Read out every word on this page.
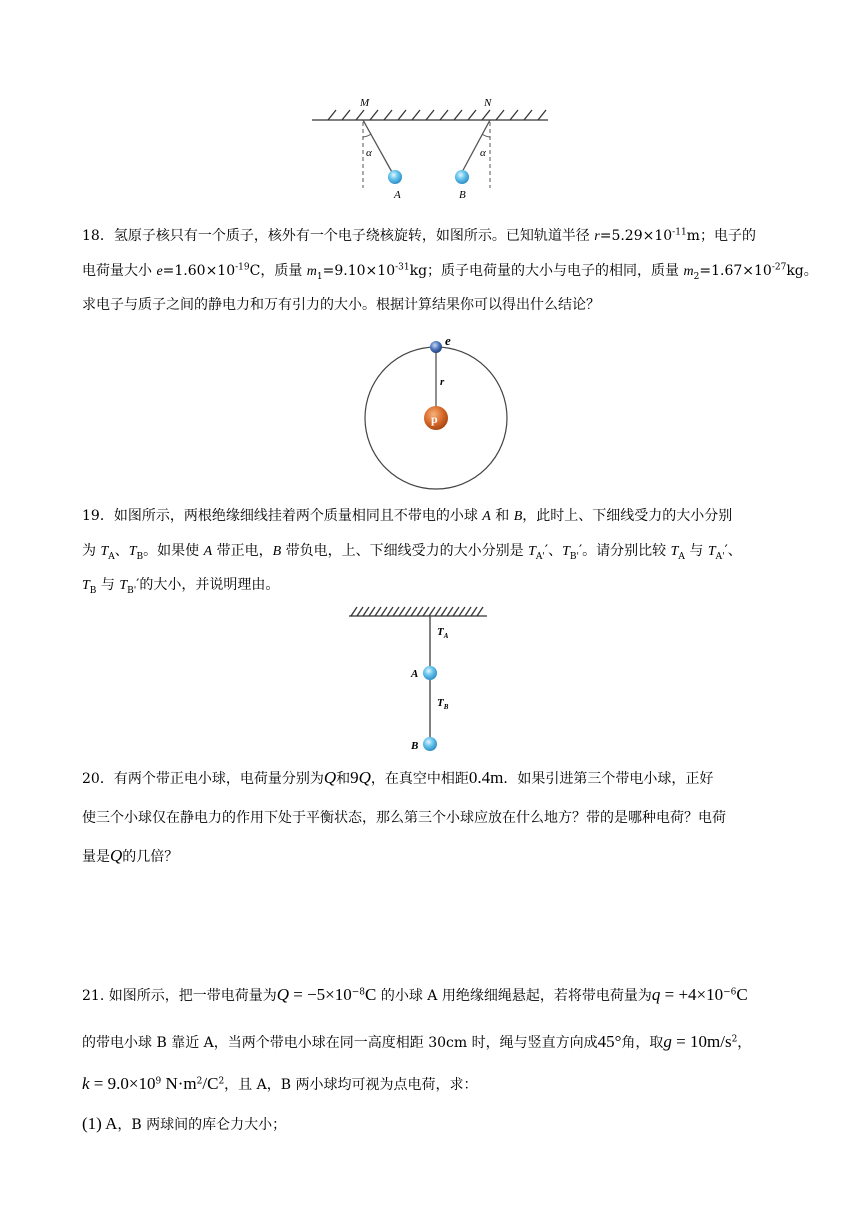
M	N
α	α
A	B
18．氢原子核只有一个质子，核外有一个电子绕核旋转，如图所示。已知轨道半径 $r=5.29\times 10^{-11}m$；电子的
电荷量大小 $e=1.60\times 10^{-19}C$，质量 $m_1=9.10\times 10^{-31}kg$；质子电荷量的大小与电子的相同，质量 $m_2=1.67\times 10^{-27}kg$。
求电子与质子之间的静电力和万有引力的大小。根据计算结果你可以得出什么结论？
e
r
p
19．如图所示，两根绝缘细线挂着两个质量相同且不带电的小球 A 和 B，此时上、下细线受力的大小分别
为 $T_A$、$T_B$。如果使 A 带正电，B 带负电，上、下细线受力的大小分别是 $T_{A'}'$、$T_{B'}'$。请分别比较 $T_A$ 与 $T_{A'}'$、
$T_B$ 与 $T_{B'}'$的大小，并说明理由。
$T_A$
A
$T_B$
B
20．有两个带正电小球，电荷量分别为Q和9Q，在真空中相距0.4m．如果引进第三个带电小球，正好
使三个小球仅在静电力的作用下处于平衡状态，那么第三个小球应放在什么地方？带的是哪种电荷？电荷
量是Q的几倍？
21. 如图所示，把一带电荷量为$Q = -5\times 10^{-8}C$ 的小球 A 用绝缘细绳悬起，若将带电荷量为$q = +4\times 10^{-6}C$
的带电小球 B 靠近 A，当两个带电小球在同一高度相距 30cm 时，绳与竖直方向成45°角，取$g = 10m/s^2$，
$k = 9.0\times 10^9$ $N\cdot m^2/C^2$，且 A，B 两小球均可视为点电荷，求：
(1) A，B 两球间的库仑力大小；
